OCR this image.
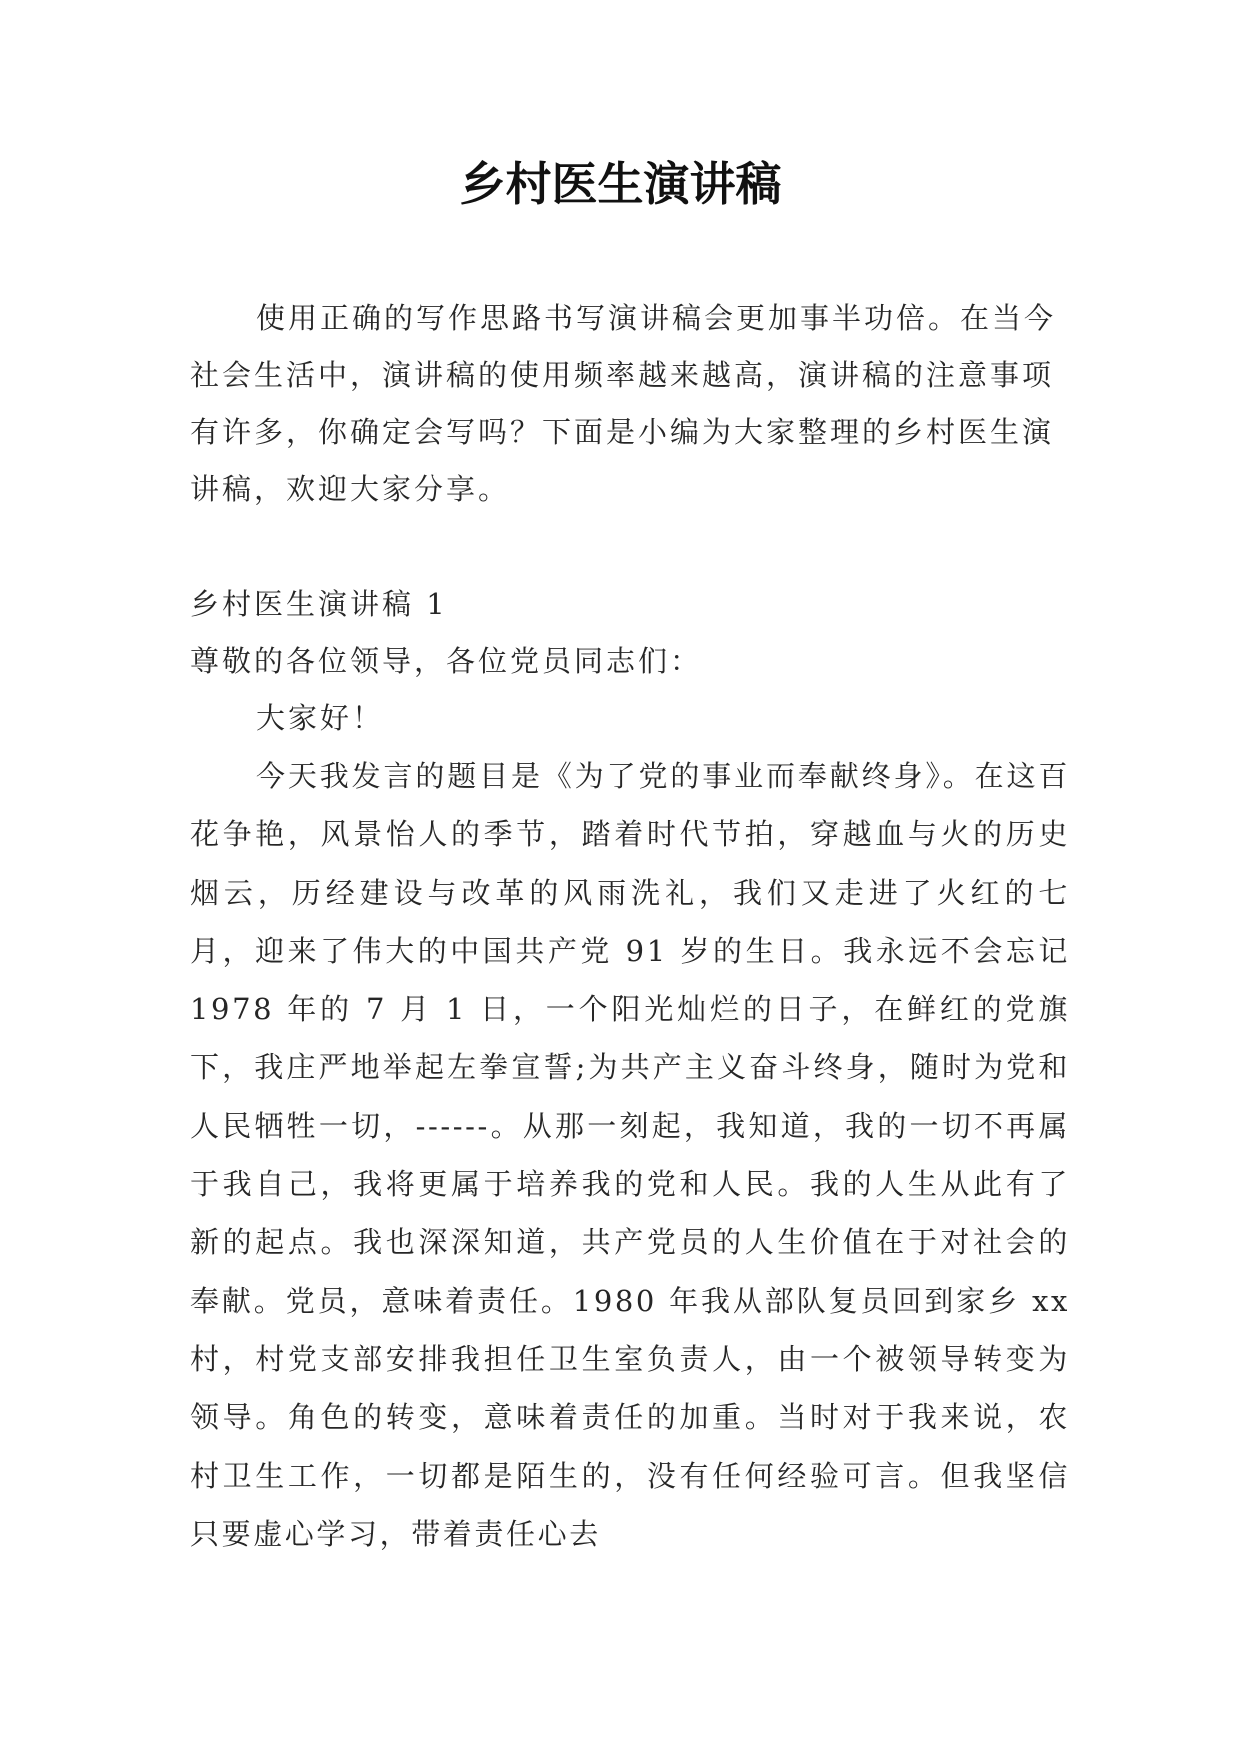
乡村医生演讲稿

使用正确的写作思路书写演讲稿会更加事半功倍。在当今社会生活中，演讲稿的使用频率越来越高，演讲稿的注意事项有许多，你确定会写吗？下面是小编为大家整理的乡村医生演讲稿，欢迎大家分享。

乡村医生演讲稿 1

尊敬的各位领导，各位党员同志们：

大家好！

今天我发言的题目是《为了党的事业而奉献终身》。在这百花争艳，风景怡人的季节，踏着时代节拍，穿越血与火的历史烟云，历经建设与改革的风雨洗礼，我们又走进了火红的七月，迎来了伟大的中国共产党 91 岁的生日。我永远不会忘记 1978 年的 7 月 1 日，一个阳光灿烂的日子，在鲜红的党旗下，我庄严地举起左拳宣誓;为共产主义奋斗终身，随时为党和人民牺牲一切，------。从那一刻起，我知道，我的一切不再属于我自己，我将更属于培养我的党和人民。我的人生从此有了新的起点。我也深深知道，共产党员的人生价值在于对社会的奉献。党员，意味着责任。1980 年我从部队复员回到家乡 xx 村，村党支部安排我担任卫生室负责人，由一个被领导转变为领导。角色的转变，意味着责任的加重。当时对于我来说，农村卫生工作，一切都是陌生的，没有任何经验可言。但我坚信只要虚心学习，带着责任心去
